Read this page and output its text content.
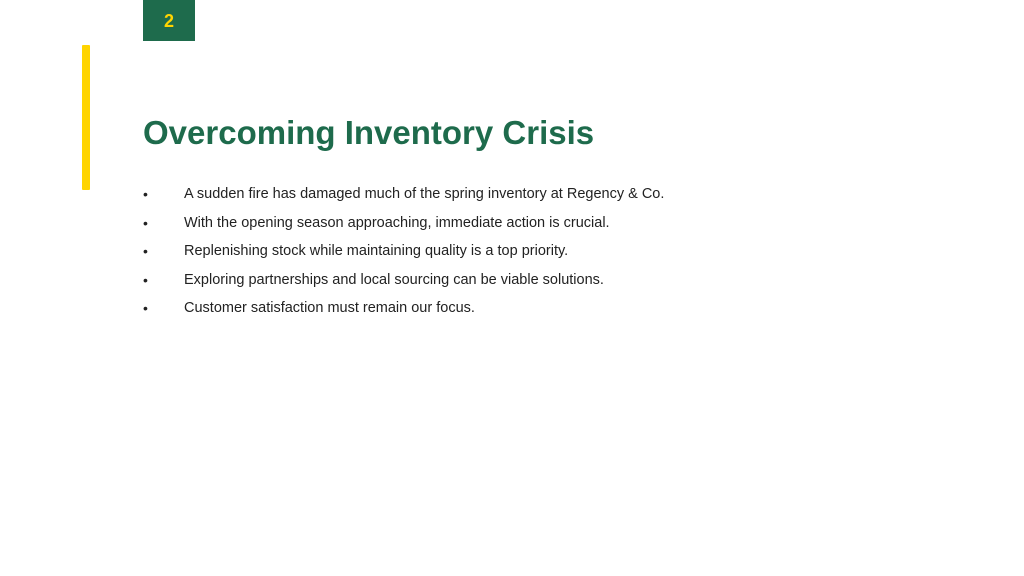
2
Overcoming Inventory Crisis
•	A sudden fire has damaged much of the spring inventory at Regency & Co.
•	With the opening season approaching, immediate action is crucial.
•	Replenishing stock while maintaining quality is a top priority.
•	Exploring partnerships and local sourcing can be viable solutions.
•	Customer satisfaction must remain our focus.
